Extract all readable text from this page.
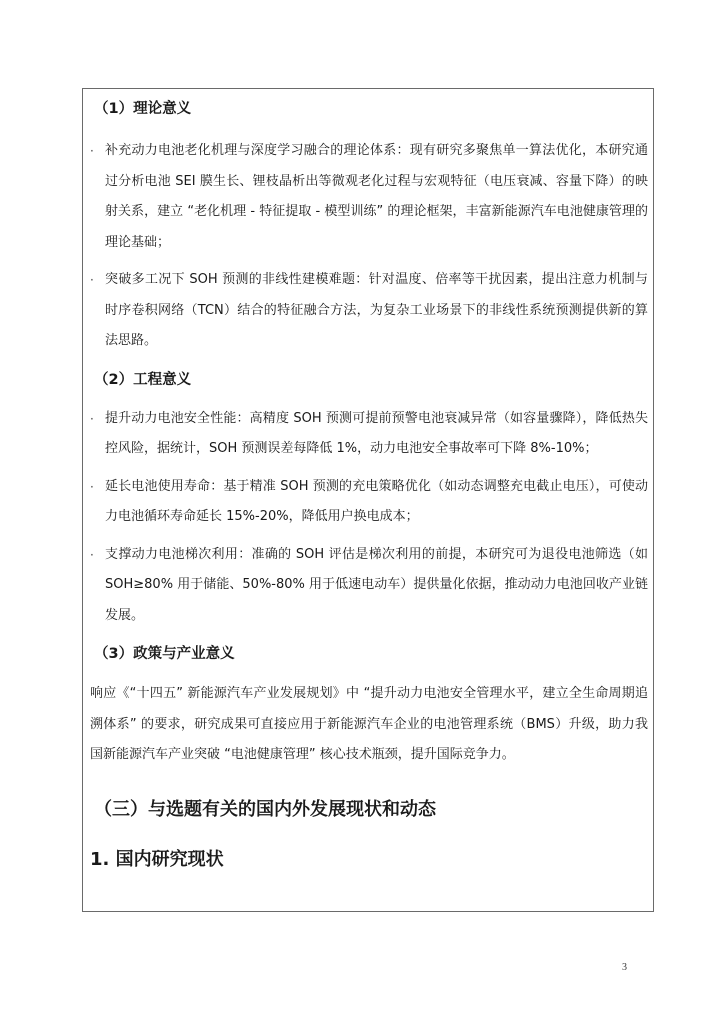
（1）理论意义
· 补充动力电池老化机理与深度学习融合的理论体系：现有研究多聚焦单一算法优化，本研究通过分析电池 SEI 膜生长、锂枝晶析出等微观老化过程与宏观特征（电压衰减、容量下降）的映射关系，建立 “老化机理 - 特征提取 - 模型训练” 的理论框架，丰富新能源汽车电池健康管理的理论基础；
· 突破多工况下 SOH 预测的非线性建模难题：针对温度、倍率等干扰因素，提出注意力机制与时序卷积网络（TCN）结合的特征融合方法，为复杂工业场景下的非线性系统预测提供新的算法思路。
（2）工程意义
· 提升动力电池安全性能：高精度 SOH 预测可提前预警电池衰减异常（如容量骤降），降低热失控风险，据统计，SOH 预测误差每降低 1%，动力电池安全事故率可下降 8%-10%；
· 延长电池使用寿命：基于精准 SOH 预测的充电策略优化（如动态调整充电截止电压），可使动力电池循环寿命延长 15%-20%，降低用户换电成本；
· 支撑动力电池梯次利用：准确的 SOH 评估是梯次利用的前提，本研究可为退役电池筛选（如 SOH≥80% 用于储能、50%-80% 用于低速电动车）提供量化依据，推动动力电池回收产业链发展。
（3）政策与产业意义
响应《“十四五” 新能源汽车产业发展规划》中 “提升动力电池安全管理水平，建立全生命周期追溯体系” 的要求，研究成果可直接应用于新能源汽车企业的电池管理系统（BMS）升级，助力我国新能源汽车产业突破 “电池健康管理” 核心技术瓶颈，提升国际竞争力。
（三）与选题有关的国内外发展现状和动态
1. 国内研究现状
3
